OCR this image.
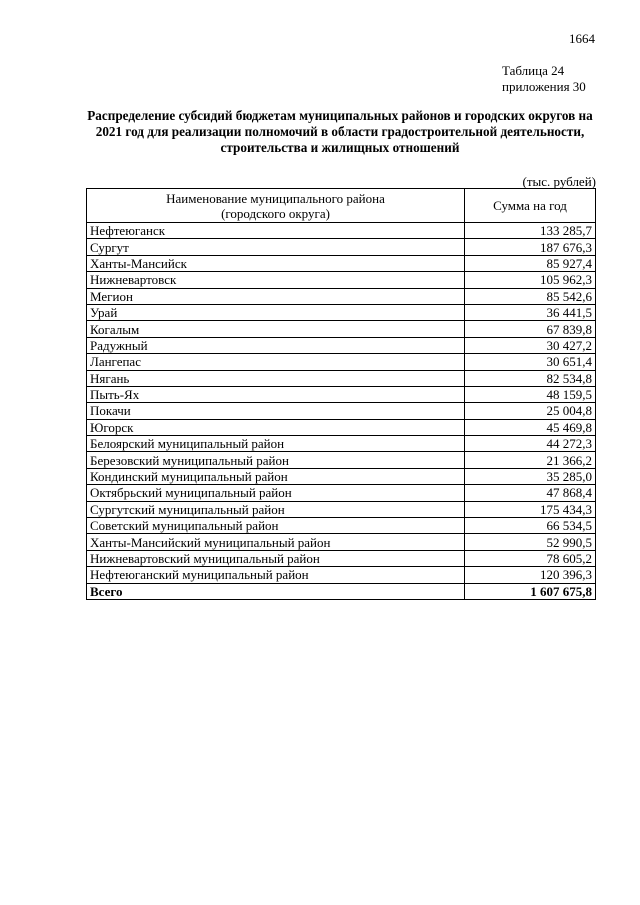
1664
Таблица 24
приложения 30
Распределение субсидий бюджетам муниципальных районов и городских округов на 2021 год для реализации полномочий в области градостроительной деятельности, строительства и жилищных отношений
(тыс. рублей)
Наименование муниципального района
(городского округа)	Сумма на год
Нефтеюганск	133 285,7
Сургут	187 676,3
Ханты-Мансийск	85 927,4
Нижневартовск	105 962,3
Мегион	85 542,6
Урай	36 441,5
Когалым	67 839,8
Радужный	30 427,2
Лангепас	30 651,4
Нягань	82 534,8
Пыть-Ях	48 159,5
Покачи	25 004,8
Югорск	45 469,8
Белоярский муниципальный район	44 272,3
Березовский муниципальный район	21 366,2
Кондинский муниципальный район	35 285,0
Октябрьский муниципальный район	47 868,4
Сургутский муниципальный район	175 434,3
Советский муниципальный район	66 534,5
Ханты-Мансийский муниципальный район	52 990,5
Нижневартовский муниципальный район	78 605,2
Нефтеюганский муниципальный район	120 396,3
Всего	1 607 675,8
